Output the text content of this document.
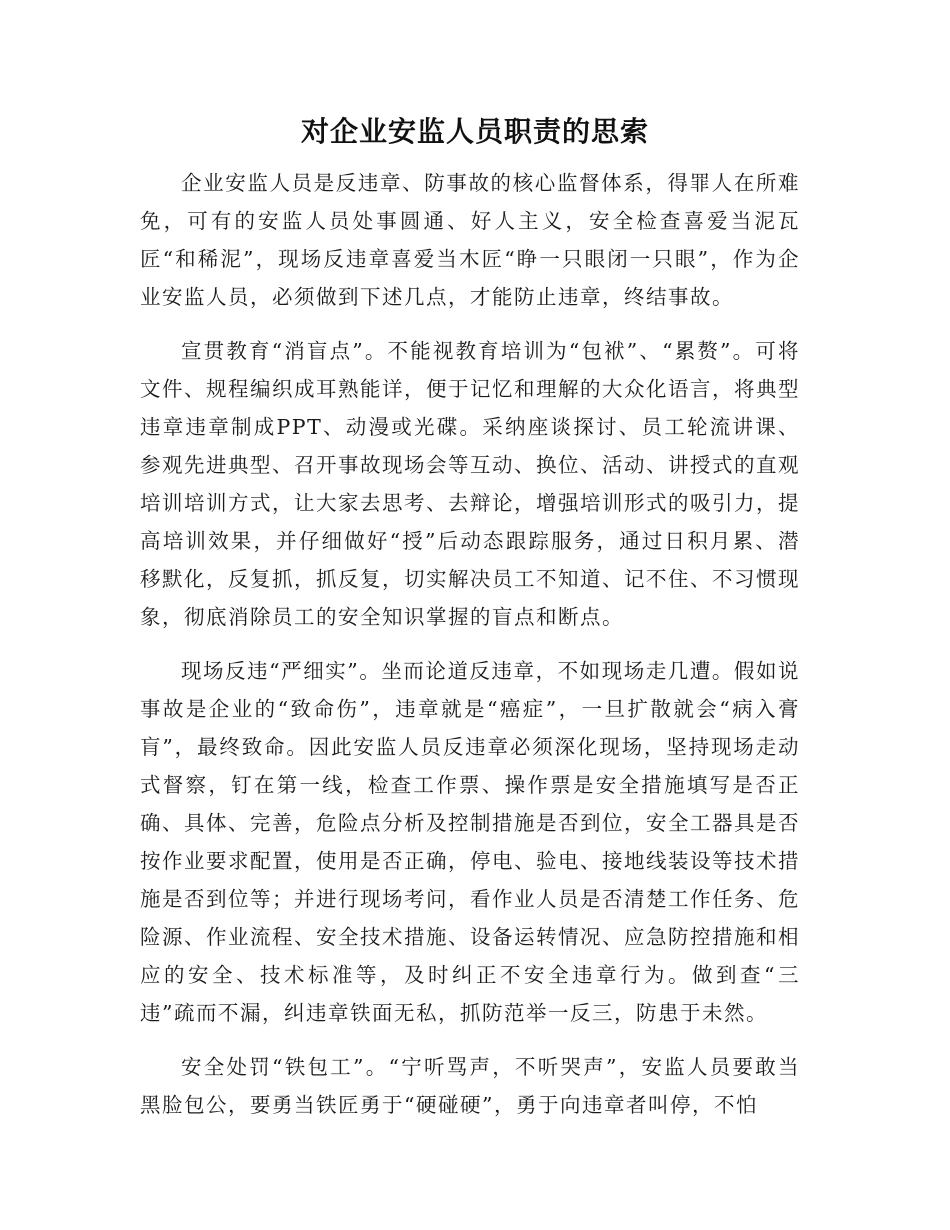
对企业安监人员职责的思索

企业安监人员是反违章、防事故的核心监督体系，得罪人在所难免，可有的安监人员处事圆通、好人主义，安全检查喜爱当泥瓦匠“和稀泥”，现场反违章喜爱当木匠“睁一只眼闭一只眼”，作为企业安监人员，必须做到下述几点，才能防止违章，终结事故。

宣贯教育“消盲点”。不能视教育培训为“包袱”、“累赘”。可将文件、规程编织成耳熟能详，便于记忆和理解的大众化语言，将典型违章违章制成PPT、动漫或光碟。采纳座谈探讨、员工轮流讲课、参观先进典型、召开事故现场会等互动、换位、活动、讲授式的直观培训培训方式，让大家去思考、去辩论，增强培训形式的吸引力，提高培训效果，并仔细做好“授”后动态跟踪服务，通过日积月累、潜移默化，反复抓，抓反复，切实解决员工不知道、记不住、不习惯现象，彻底消除员工的安全知识掌握的盲点和断点。

现场反违“严细实”。坐而论道反违章，不如现场走几遭。假如说事故是企业的“致命伤”，违章就是“癌症”，一旦扩散就会“病入膏肓”，最终致命。因此安监人员反违章必须深化现场，坚持现场走动式督察，钉在第一线，检查工作票、操作票是安全措施填写是否正确、具体、完善，危险点分析及控制措施是否到位，安全工器具是否按作业要求配置，使用是否正确，停电、验电、接地线装设等技术措施是否到位等；并进行现场考问，看作业人员是否清楚工作任务、危险源、作业流程、安全技术措施、设备运转情况、应急防控措施和相应的安全、技术标准等，及时纠正不安全违章行为。做到查“三违”疏而不漏，纠违章铁面无私，抓防范举一反三，防患于未然。

安全处罚“铁包工”。“宁听骂声，不听哭声”，安监人员要敢当黑脸包公，要勇当铁匠勇于“硬碰硬”，勇于向违章者叫停，不怕
